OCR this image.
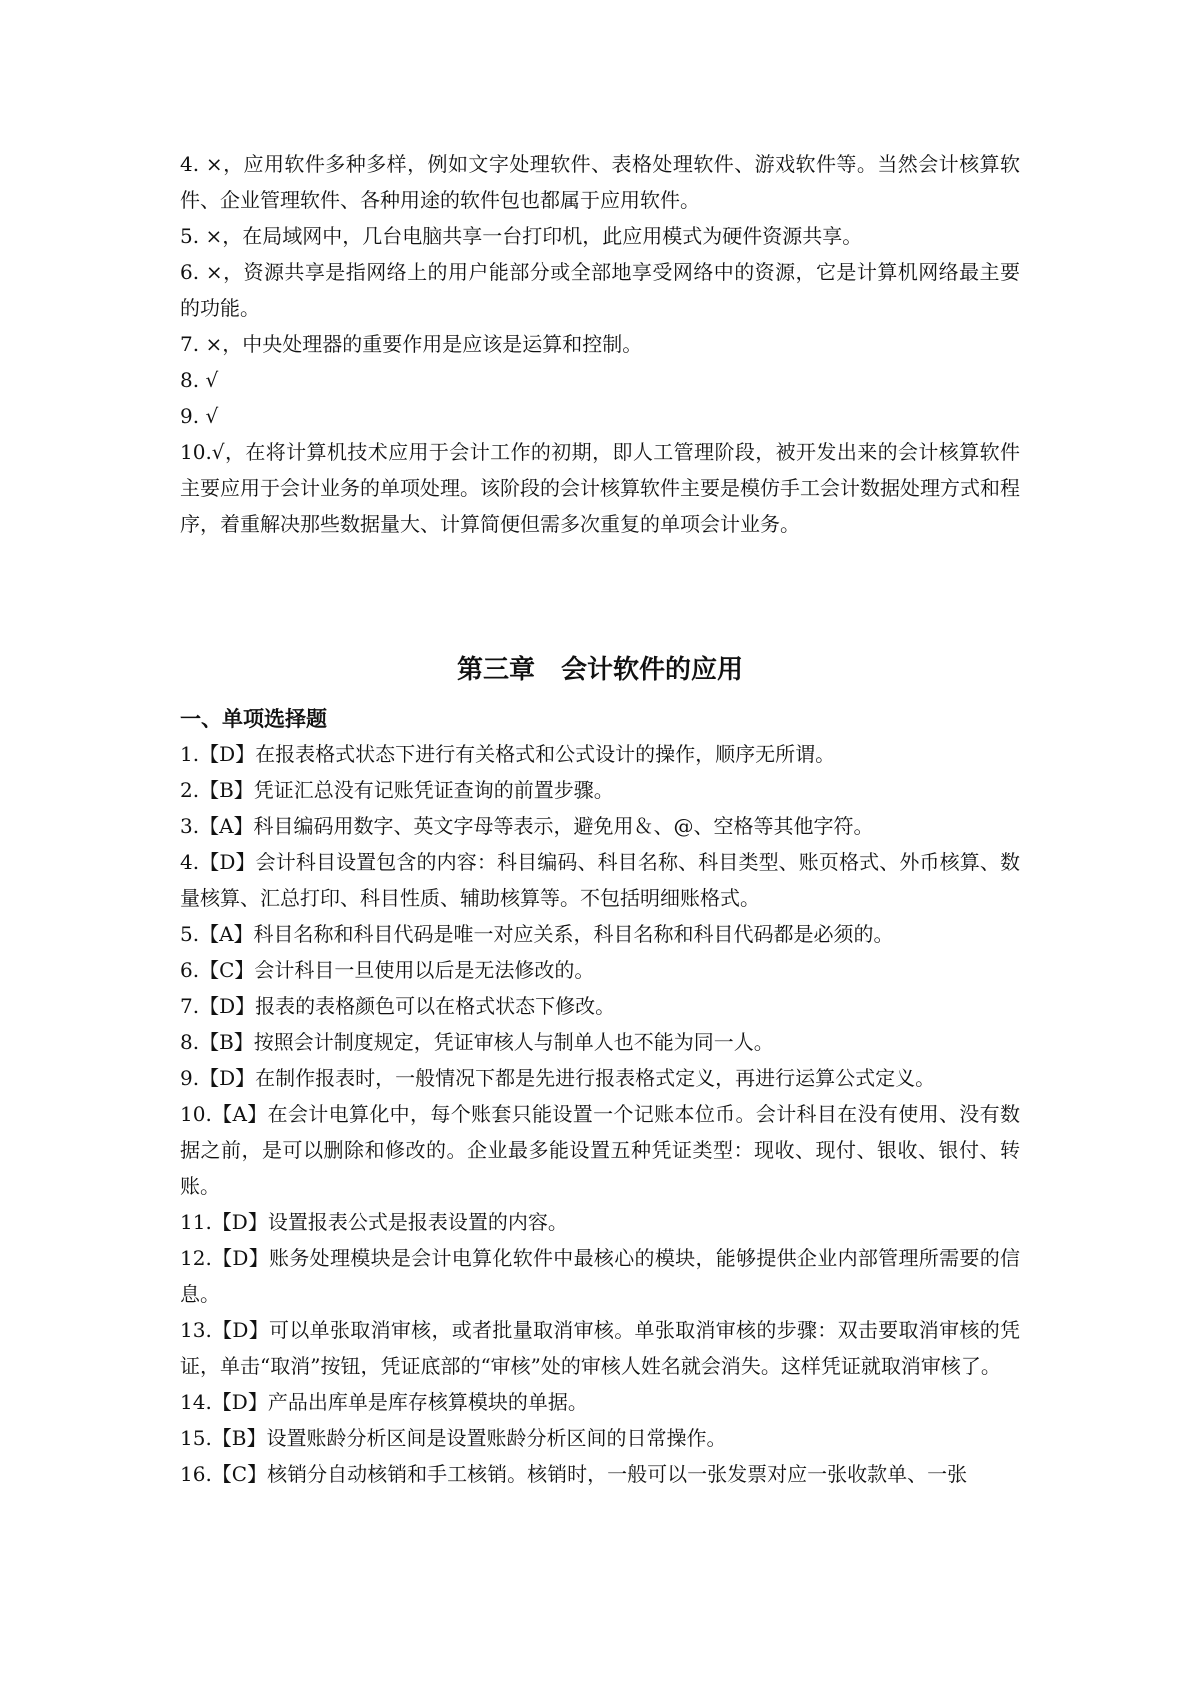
4. ×，应用软件多种多样，例如文字处理软件、表格处理软件、游戏软件等。当然会计核算软件、企业管理软件、各种用途的软件包也都属于应用软件。

5. ×，在局域网中，几台电脑共享一台打印机，此应用模式为硬件资源共享。

6. ×，资源共享是指网络上的用户能部分或全部地享受网络中的资源，它是计算机网络最主要的功能。

7. ×，中央处理器的重要作用是应该是运算和控制。

8. √

9. √

10.√，在将计算机技术应用于会计工作的初期，即人工管理阶段，被开发出来的会计核算软件主要应用于会计业务的单项处理。该阶段的会计核算软件主要是模仿手工会计数据处理方式和程序，着重解决那些数据量大、计算简便但需多次重复的单项会计业务。

第三章　会计软件的应用
一、单项选择题

1.【D】在报表格式状态下进行有关格式和公式设计的操作，顺序无所谓。

2.【B】凭证汇总没有记账凭证查询的前置步骤。

3.【A】科目编码用数字、英文字母等表示，避免用＆、@、空格等其他字符。

4.【D】会计科目设置包含的内容：科目编码、科目名称、科目类型、账页格式、外币核算、数量核算、汇总打印、科目性质、辅助核算等。不包括明细账格式。

5.【A】科目名称和科目代码是唯一对应关系，科目名称和科目代码都是必须的。

6.【C】会计科目一旦使用以后是无法修改的。

7.【D】报表的表格颜色可以在格式状态下修改。

8.【B】按照会计制度规定，凭证审核人与制单人也不能为同一人。

9.【D】在制作报表时，一般情况下都是先进行报表格式定义，再进行运算公式定义。

10.【A】在会计电算化中，每个账套只能设置一个记账本位币。会计科目在没有使用、没有数据之前，是可以删除和修改的。企业最多能设置五种凭证类型：现收、现付、银收、银付、转账。

11.【D】设置报表公式是报表设置的内容。

12.【D】账务处理模块是会计电算化软件中最核心的模块，能够提供企业内部管理所需要的信息。

13.【D】可以单张取消审核，或者批量取消审核。单张取消审核的步骤：双击要取消审核的凭证，单击“取消”按钮，凭证底部的“审核”处的审核人姓名就会消失。这样凭证就取消审核了。

14.【D】产品出库单是库存核算模块的单据。

15.【B】设置账龄分析区间是设置账龄分析区间的日常操作。

16.【C】核销分自动核销和手工核销。核销时，一般可以一张发票对应一张收款单、一张
